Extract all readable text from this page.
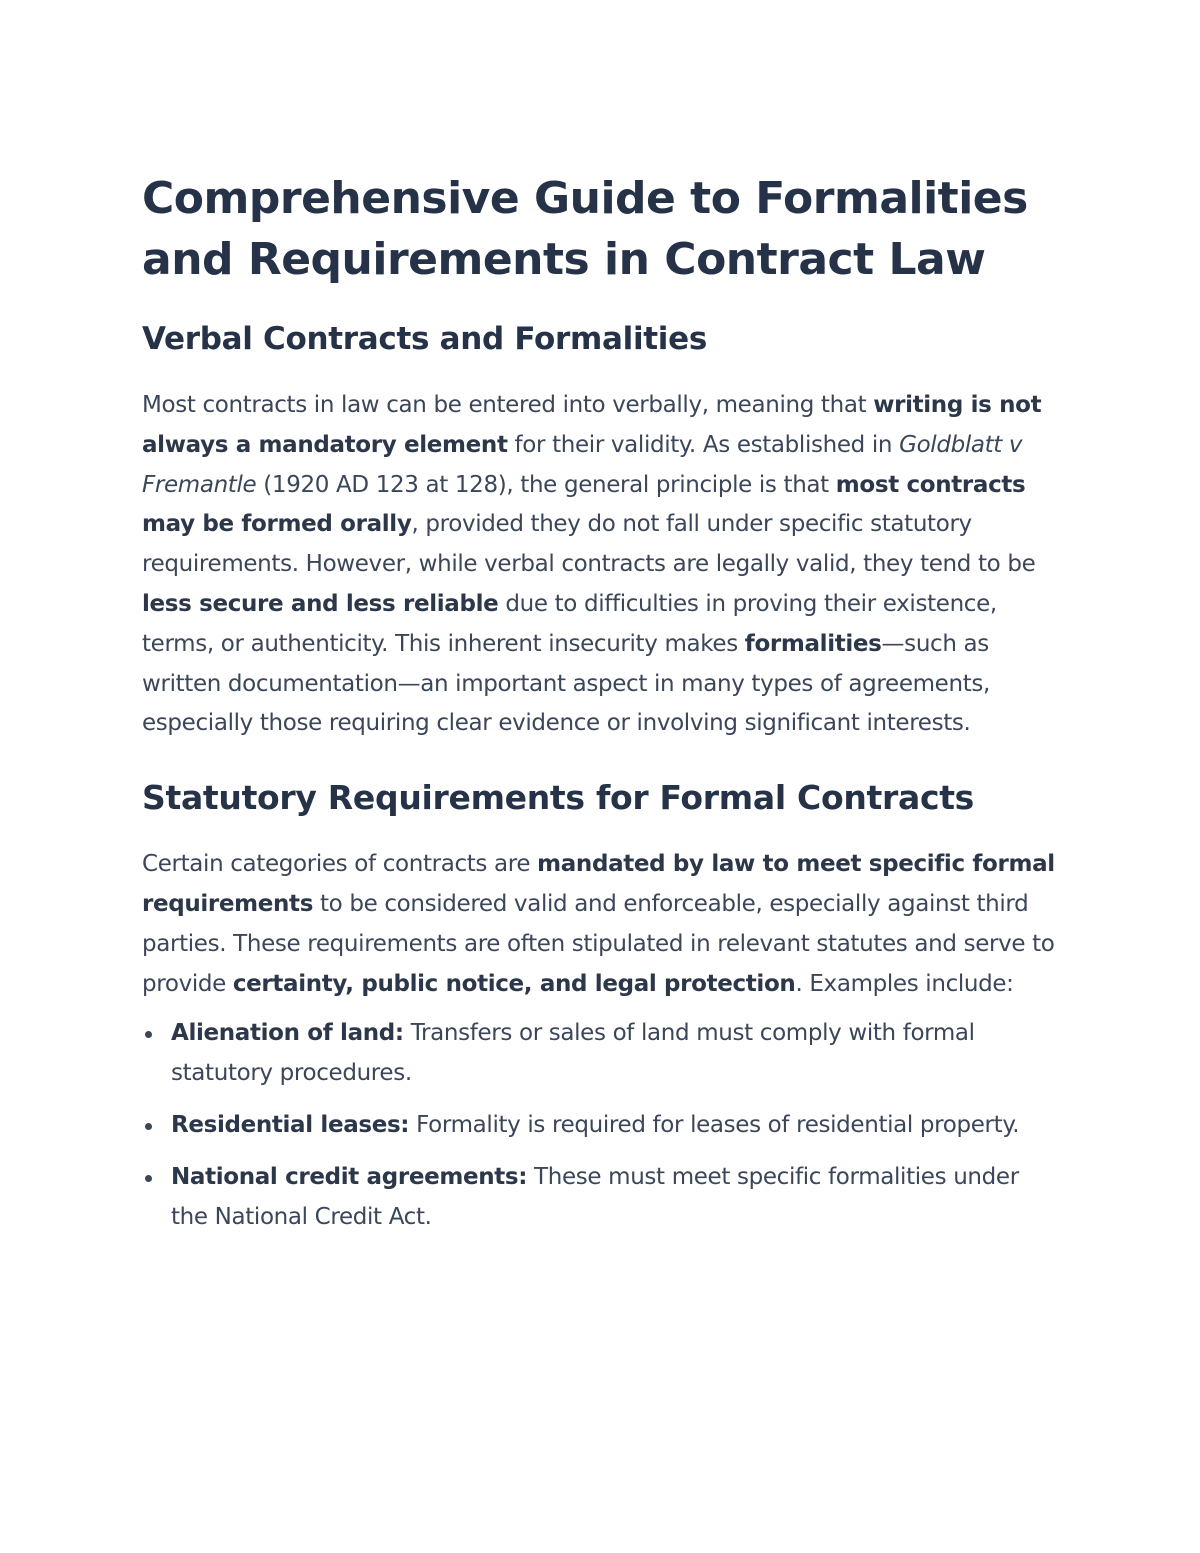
Comprehensive Guide to Formalities and Requirements in Contract Law
Verbal Contracts and Formalities

Most contracts in law can be entered into verbally, meaning that writing is not always a mandatory element for their validity. As established in Goldblatt v Fremantle (1920 AD 123 at 128), the general principle is that most contracts may be formed orally, provided they do not fall under specific statutory requirements. However, while verbal contracts are legally valid, they tend to be less secure and less reliable due to difficulties in proving their existence, terms, or authenticity. This inherent insecurity makes formalities—such as written documentation—an important aspect in many types of agreements, especially those requiring clear evidence or involving significant interests.

Statutory Requirements for Formal Contracts

Certain categories of contracts are mandated by law to meet specific formal requirements to be considered valid and enforceable, especially against third parties. These requirements are often stipulated in relevant statutes and serve to provide certainty, public notice, and legal protection. Examples include:

Alienation of land: Transfers or sales of land must comply with formal statutory procedures.
Residential leases: Formality is required for leases of residential property.
National credit agreements: These must meet specific formalities under the National Credit Act.
